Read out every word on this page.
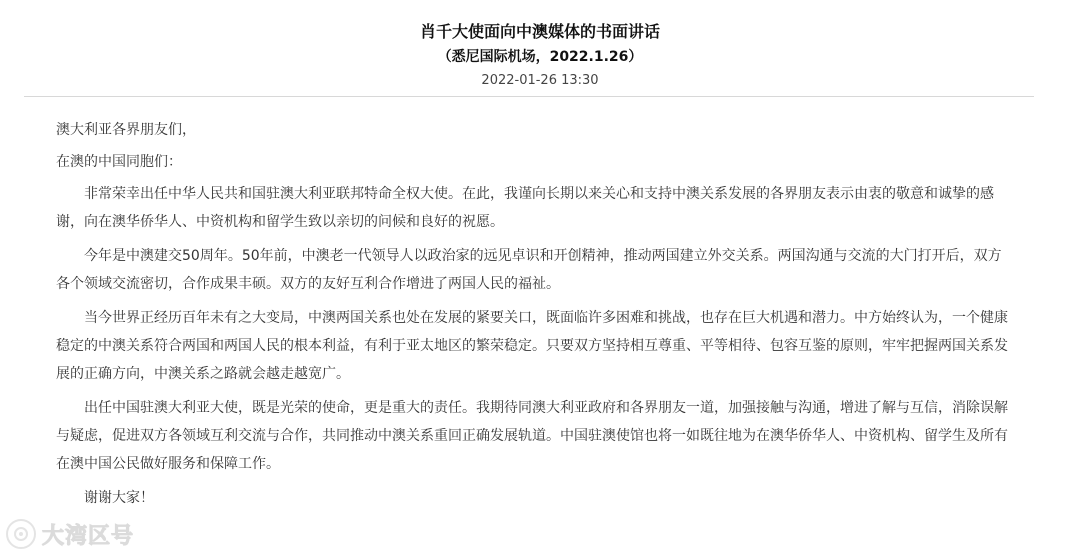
肖千大使面向中澳媒体的书面讲话
（悉尼国际机场，2022.1.26）
2022-01-26 13:30

澳大利亚各界朋友们，

在澳的中国同胞们：

非常荣幸出任中华人民共和国驻澳大利亚联邦特命全权大使。在此，我谨向长期以来关心和支持中澳关系发展的各界朋友表示由衷的敬意和诚挚的感谢，向在澳华侨华人、中资机构和留学生致以亲切的问候和良好的祝愿。

今年是中澳建交50周年。50年前，中澳老一代领导人以政治家的远见卓识和开创精神，推动两国建立外交关系。两国沟通与交流的大门打开后，双方各个领域交流密切，合作成果丰硕。双方的友好互利合作增进了两国人民的福祉。

当今世界正经历百年未有之大变局，中澳两国关系也处在发展的紧要关口，既面临许多困难和挑战，也存在巨大机遇和潜力。中方始终认为，一个健康稳定的中澳关系符合两国和两国人民的根本利益，有利于亚太地区的繁荣稳定。只要双方坚持相互尊重、平等相待、包容互鉴的原则，牢牢把握两国关系发展的正确方向，中澳关系之路就会越走越宽广。

出任中国驻澳大利亚大使，既是光荣的使命，更是重大的责任。我期待同澳大利亚政府和各界朋友一道，加强接触与沟通，增进了解与互信，消除误解与疑虑，促进双方各领域互利交流与合作，共同推动中澳关系重回正确发展轨道。中国驻澳使馆也将一如既往地为在澳华侨华人、中资机构、留学生及所有在澳中国公民做好服务和保障工作。

谢谢大家！

大湾区号
